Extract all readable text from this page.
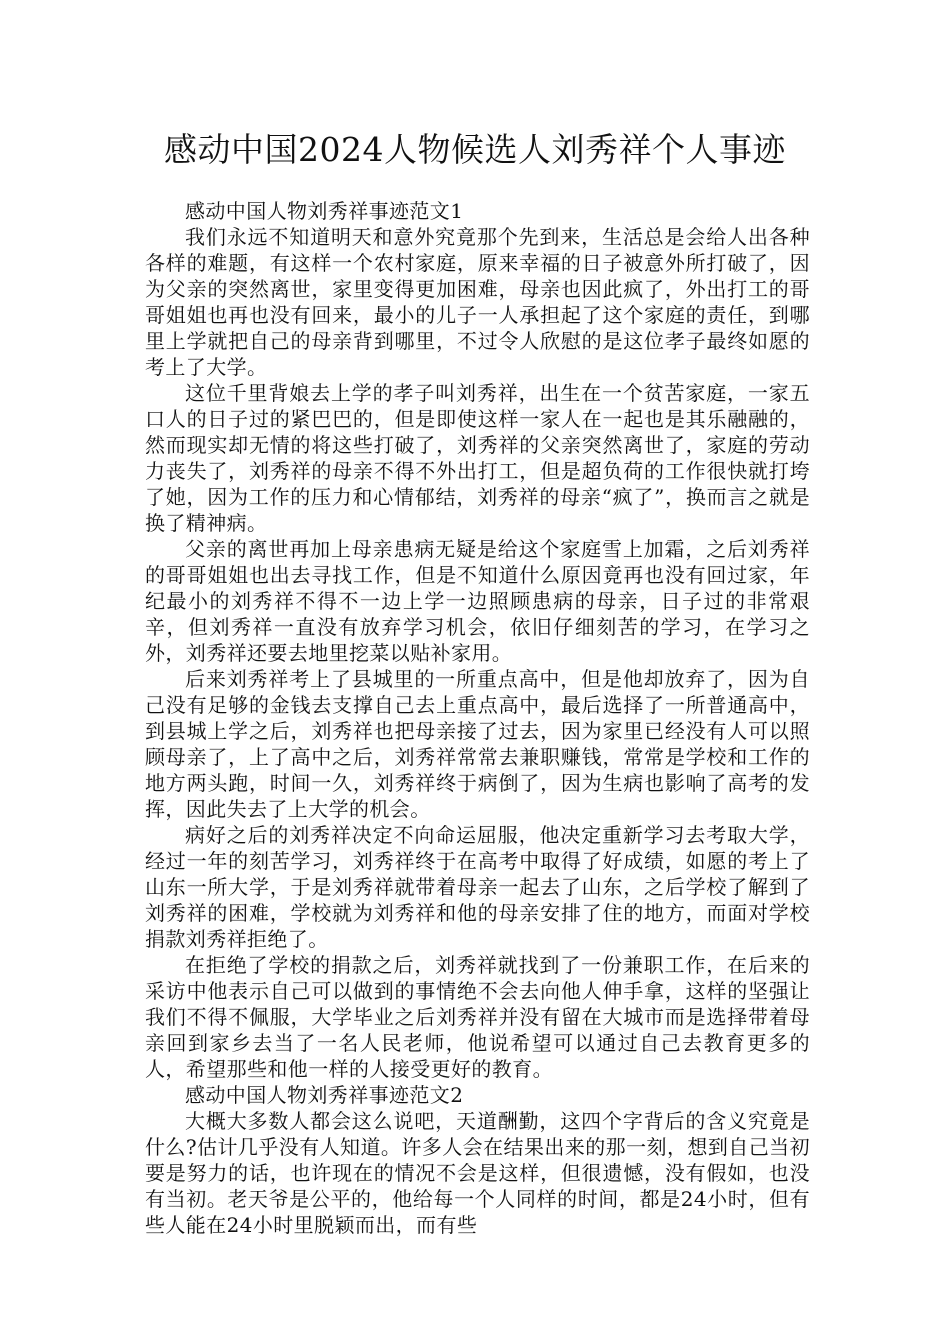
感动中国2024人物候选人刘秀祥个人事迹

感动中国人物刘秀祥事迹范文1

我们永远不知道明天和意外究竟那个先到来，生活总是会给人出各种各样的难题，有这样一个农村家庭，原来幸福的日子被意外所打破了，因为父亲的突然离世，家里变得更加困难，母亲也因此疯了，外出打工的哥哥姐姐也再也没有回来，最小的儿子一人承担起了这个家庭的责任，到哪里上学就把自己的母亲背到哪里，不过令人欣慰的是这位孝子最终如愿的考上了大学。

这位千里背娘去上学的孝子叫刘秀祥，出生在一个贫苦家庭，一家五口人的日子过的紧巴巴的，但是即使这样一家人在一起也是其乐融融的，然而现实却无情的将这些打破了，刘秀祥的父亲突然离世了，家庭的劳动力丧失了，刘秀祥的母亲不得不外出打工，但是超负荷的工作很快就打垮了她，因为工作的压力和心情郁结，刘秀祥的母亲“疯了”，换而言之就是换了精神病。

父亲的离世再加上母亲患病无疑是给这个家庭雪上加霜，之后刘秀祥的哥哥姐姐也出去寻找工作，但是不知道什么原因竟再也没有回过家，年纪最小的刘秀祥不得不一边上学一边照顾患病的母亲，日子过的非常艰辛，但刘秀祥一直没有放弃学习机会，依旧仔细刻苦的学习，在学习之外，刘秀祥还要去地里挖菜以贴补家用。

后来刘秀祥考上了县城里的一所重点高中，但是他却放弃了，因为自己没有足够的金钱去支撑自己去上重点高中，最后选择了一所普通高中，到县城上学之后，刘秀祥也把母亲接了过去，因为家里已经没有人可以照顾母亲了，上了高中之后，刘秀祥常常去兼职赚钱，常常是学校和工作的地方两头跑，时间一久，刘秀祥终于病倒了，因为生病也影响了高考的发挥，因此失去了上大学的机会。

病好之后的刘秀祥决定不向命运屈服，他决定重新学习去考取大学，经过一年的刻苦学习，刘秀祥终于在高考中取得了好成绩，如愿的考上了山东一所大学，于是刘秀祥就带着母亲一起去了山东，之后学校了解到了刘秀祥的困难，学校就为刘秀祥和他的母亲安排了住的地方，而面对学校捐款刘秀祥拒绝了。

在拒绝了学校的捐款之后，刘秀祥就找到了一份兼职工作，在后来的采访中他表示自己可以做到的事情绝不会去向他人伸手拿，这样的坚强让我们不得不佩服，大学毕业之后刘秀祥并没有留在大城市而是选择带着母亲回到家乡去当了一名人民老师，他说希望可以通过自己去教育更多的人，希望那些和他一样的人接受更好的教育。

感动中国人物刘秀祥事迹范文2

大概大多数人都会这么说吧，天道酬勤，这四个字背后的含义究竟是什么?估计几乎没有人知道。许多人会在结果出来的那一刻，想到自己当初要是努力的话，也许现在的情况不会是这样，但很遗憾，没有假如，也没有当初。老天爷是公平的，他给每一个人同样的时间，都是24小时，但有些人能在24小时里脱颖而出，而有些
